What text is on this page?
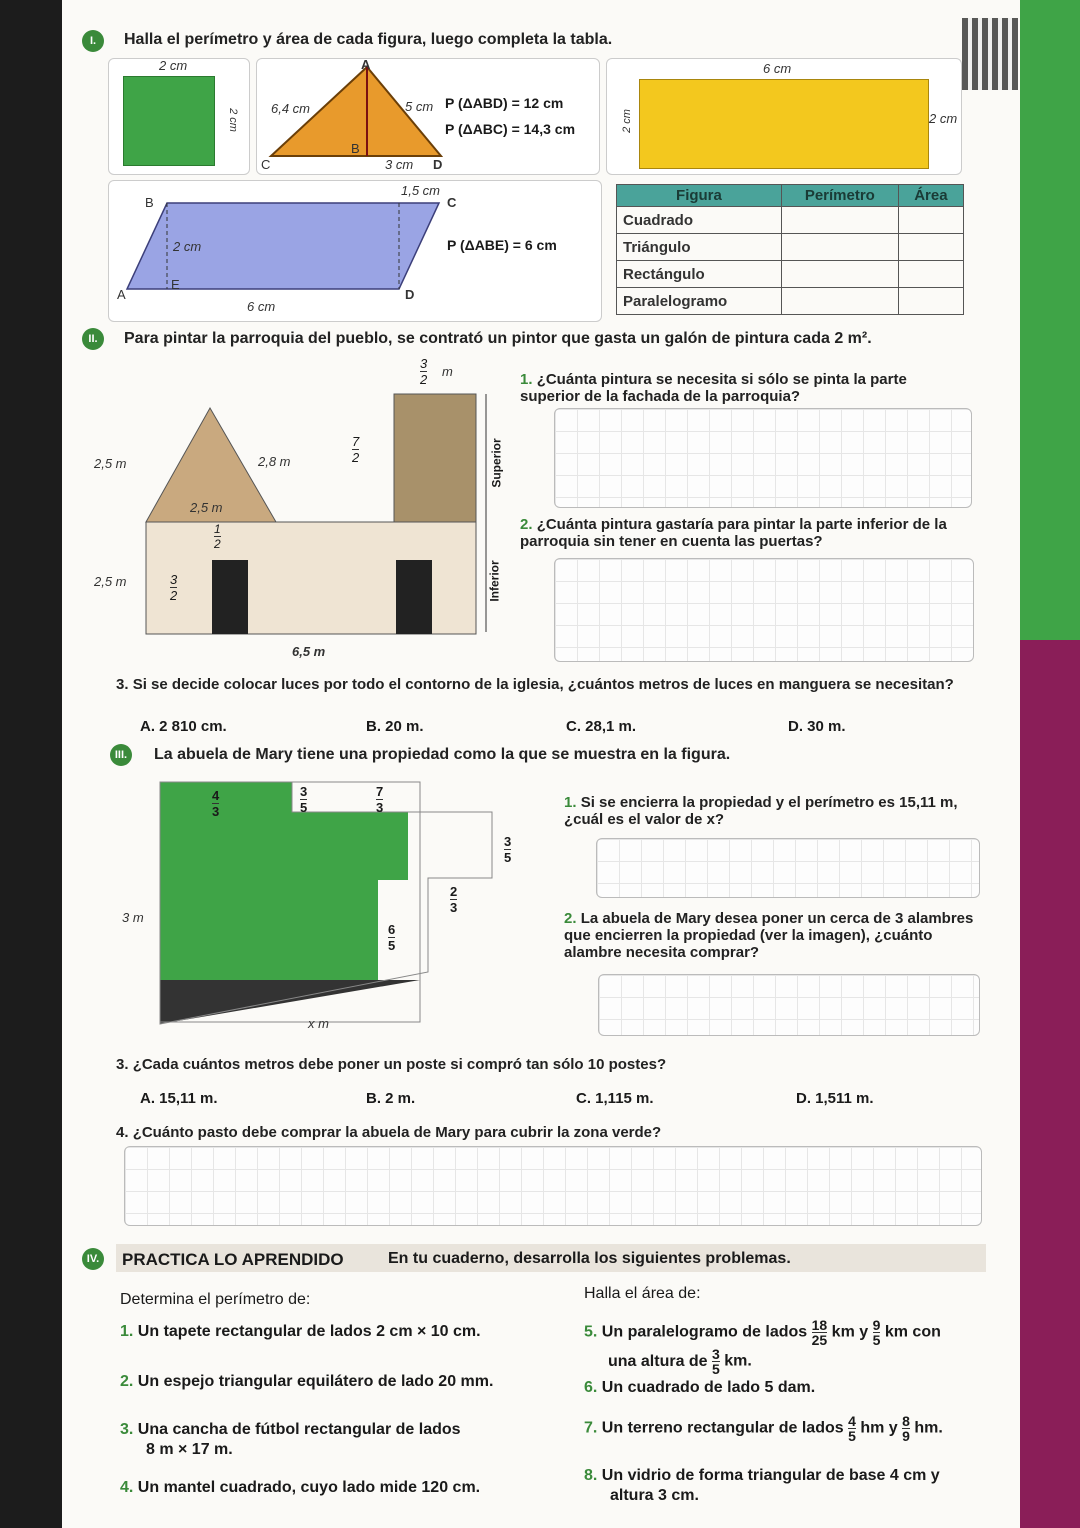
I.	Halla el perímetro y área de cada figura, luego completa la tabla.
2 cm
2 cm 6,4 cm	5 cm
3 cm
A
B
C	D
P (ΔABD) = 12 cm
P (ΔABC) = 14,3 cm
6 cm
2 cm
2 cm
B	C
A	D
E
1,5 cm
2 cm
6 cm
P (ΔABE) = 6 cm
Figura	Perímetro	Área
Cuadrado		
Triángulo		
Rectángulo		
Paralelogramo		
II.	Para pintar la parroquia del pueblo, se contrató un pintor que gasta un galón de pintura cada 2 m².
3
2
m
2,8 m
7
2
2,5 m
2,5 m
2,5 m
1
2
3
2
6,5 m
Superior
Inferior
1. ¿Cuánta pintura se necesita si sólo se pinta la parte superior de la fachada de la parroquia?
2. ¿Cuánta pintura gastaría para pintar la parte inferior de la parroquia sin tener en cuenta las puertas?
3. Si se decide colocar luces por todo el contorno de la iglesia, ¿cuántos metros de luces en manguera se necesitan?
A. 2 810 cm.	B. 20 m.	C. 28,1 m.	D. 30 m.
III.	La abuela de Mary tiene una propiedad como la que se muestra en la figura.
4
3
3
5
7
3
3
5
2
3
6
5
3 m
x m
1. Si se encierra la propiedad y el perímetro es 15,11 m, ¿cuál es el valor de x?
2. La abuela de Mary desea poner un cerca de 3 alambres que encierren la propiedad (ver la imagen), ¿cuánto alambre necesita comprar?
3. ¿Cada cuántos metros debe poner un poste si compró tan sólo 10 postes?
A. 15,11 m.	B. 2 m.	C. 1,115 m.	D. 1,511 m.
4. ¿Cuánto pasto debe comprar la abuela de Mary para cubrir la zona verde?
IV. PRACTICA LO APRENDIDO	En tu cuaderno, desarrolla los siguientes problemas.
Determina el perímetro de:	Halla el área de:
1. Un tapete rectangular de lados 2 cm × 10 cm.
2. Un espejo triangular equilátero de lado 20 mm.
3. Una cancha de fútbol rectangular de lados
8 m × 17 m.
4. Un mantel cuadrado, cuyo lado mide 120 cm.
5. Un paralelogramo de lados $\frac{18}{25}$ km y $\frac{9}{5}$ km con
una altura de $\frac{3}{5}$ km.
6. Un cuadrado de lado 5 dam.
7. Un terreno rectangular de lados $\frac{4}{5}$ hm y $\frac{8}{9}$ hm.
8. Un vidrio de forma triangular de base 4 cm y
altura 3 cm.
